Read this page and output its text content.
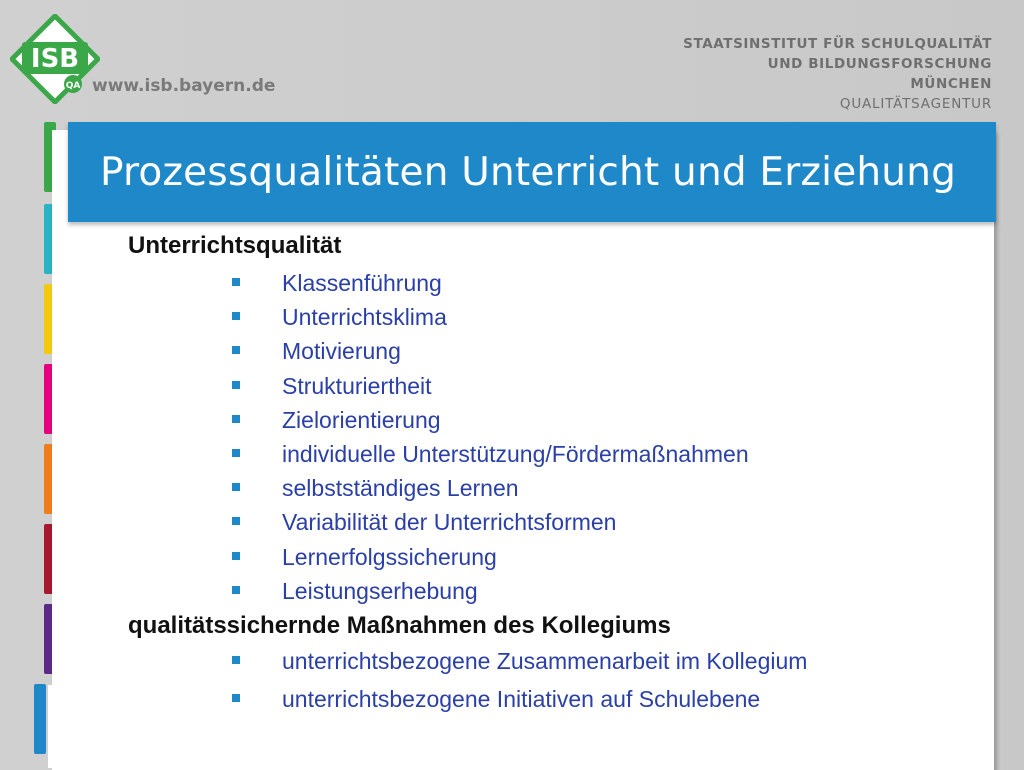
ISB
QA www.isb.bayern.de
STAATSINSTITUT FÜR SCHULQUALITÄT
UND BILDUNGSFORSCHUNG
MÜNCHEN
QUALITÄTSAGENTUR
Prozessqualitäten Unterricht und Erziehung
Unterrichtsqualität
Klassenführung
Unterrichtsklima
Motivierung
Strukturiertheit
Zielorientierung
individuelle Unterstützung/Fördermaßnahmen
selbstständiges Lernen
Variabilität der Unterrichtsformen
Lernerfolgssicherung
Leistungserhebung
qualitätssichernde Maßnahmen des Kollegiums
unterrichtsbezogene Zusammenarbeit im Kollegium
unterrichtsbezogene Initiativen auf Schulebene
